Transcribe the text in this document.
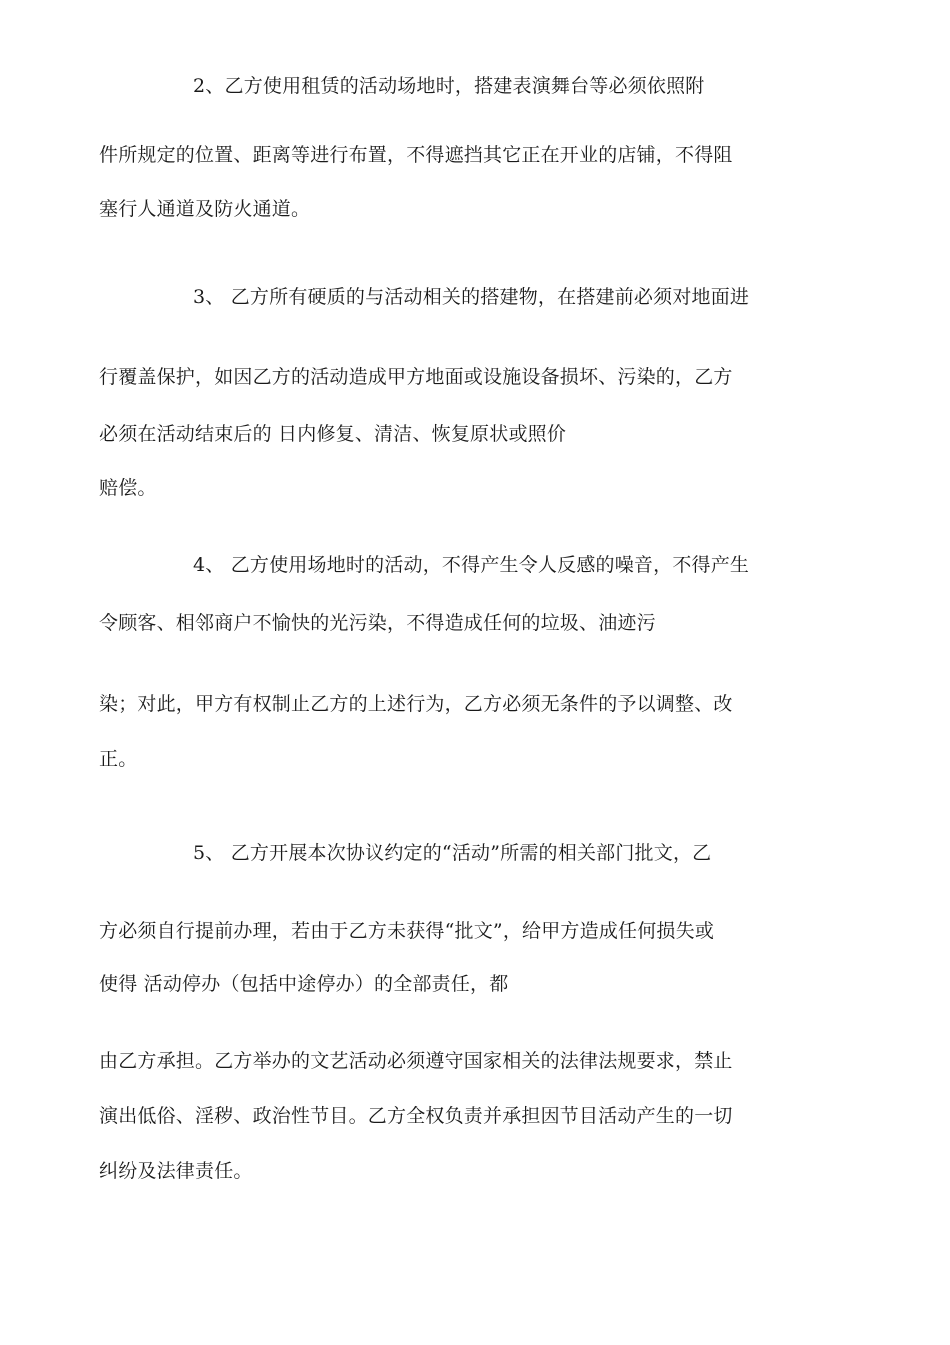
2、乙方使用租赁的活动场地时，搭建表演舞台等必须依照附
件所规定的位置、距离等进行布置，不得遮挡其它正在开业的店铺，不得阻
塞行人通道及防火通道。
3、 乙方所有硬质的与活动相关的搭建物，在搭建前必须对地面进
行覆盖保护，如因乙方的活动造成甲方地面或设施设备损坏、污染的，乙方
必须在活动结束后的 日内修复、清洁、恢复原状或照价
赔偿。
4、 乙方使用场地时的活动，不得产生令人反感的噪音，不得产生
令顾客、相邻商户不愉快的光污染，不得造成任何的垃圾、油迹污
染；对此，甲方有权制止乙方的上述行为，乙方必须无条件的予以调整、改
正。
5、 乙方开展本次协议约定的“活动”所需的相关部门批文，乙
方必须自行提前办理，若由于乙方未获得“批文”，给甲方造成任何损失或
使得 活动停办（包括中途停办）的全部责任，都
由乙方承担。乙方举办的文艺活动必须遵守国家相关的法律法规要求，禁止
演出低俗、淫秽、政治性节目。乙方全权负责并承担因节目活动产生的一切
纠纷及法律责任。
